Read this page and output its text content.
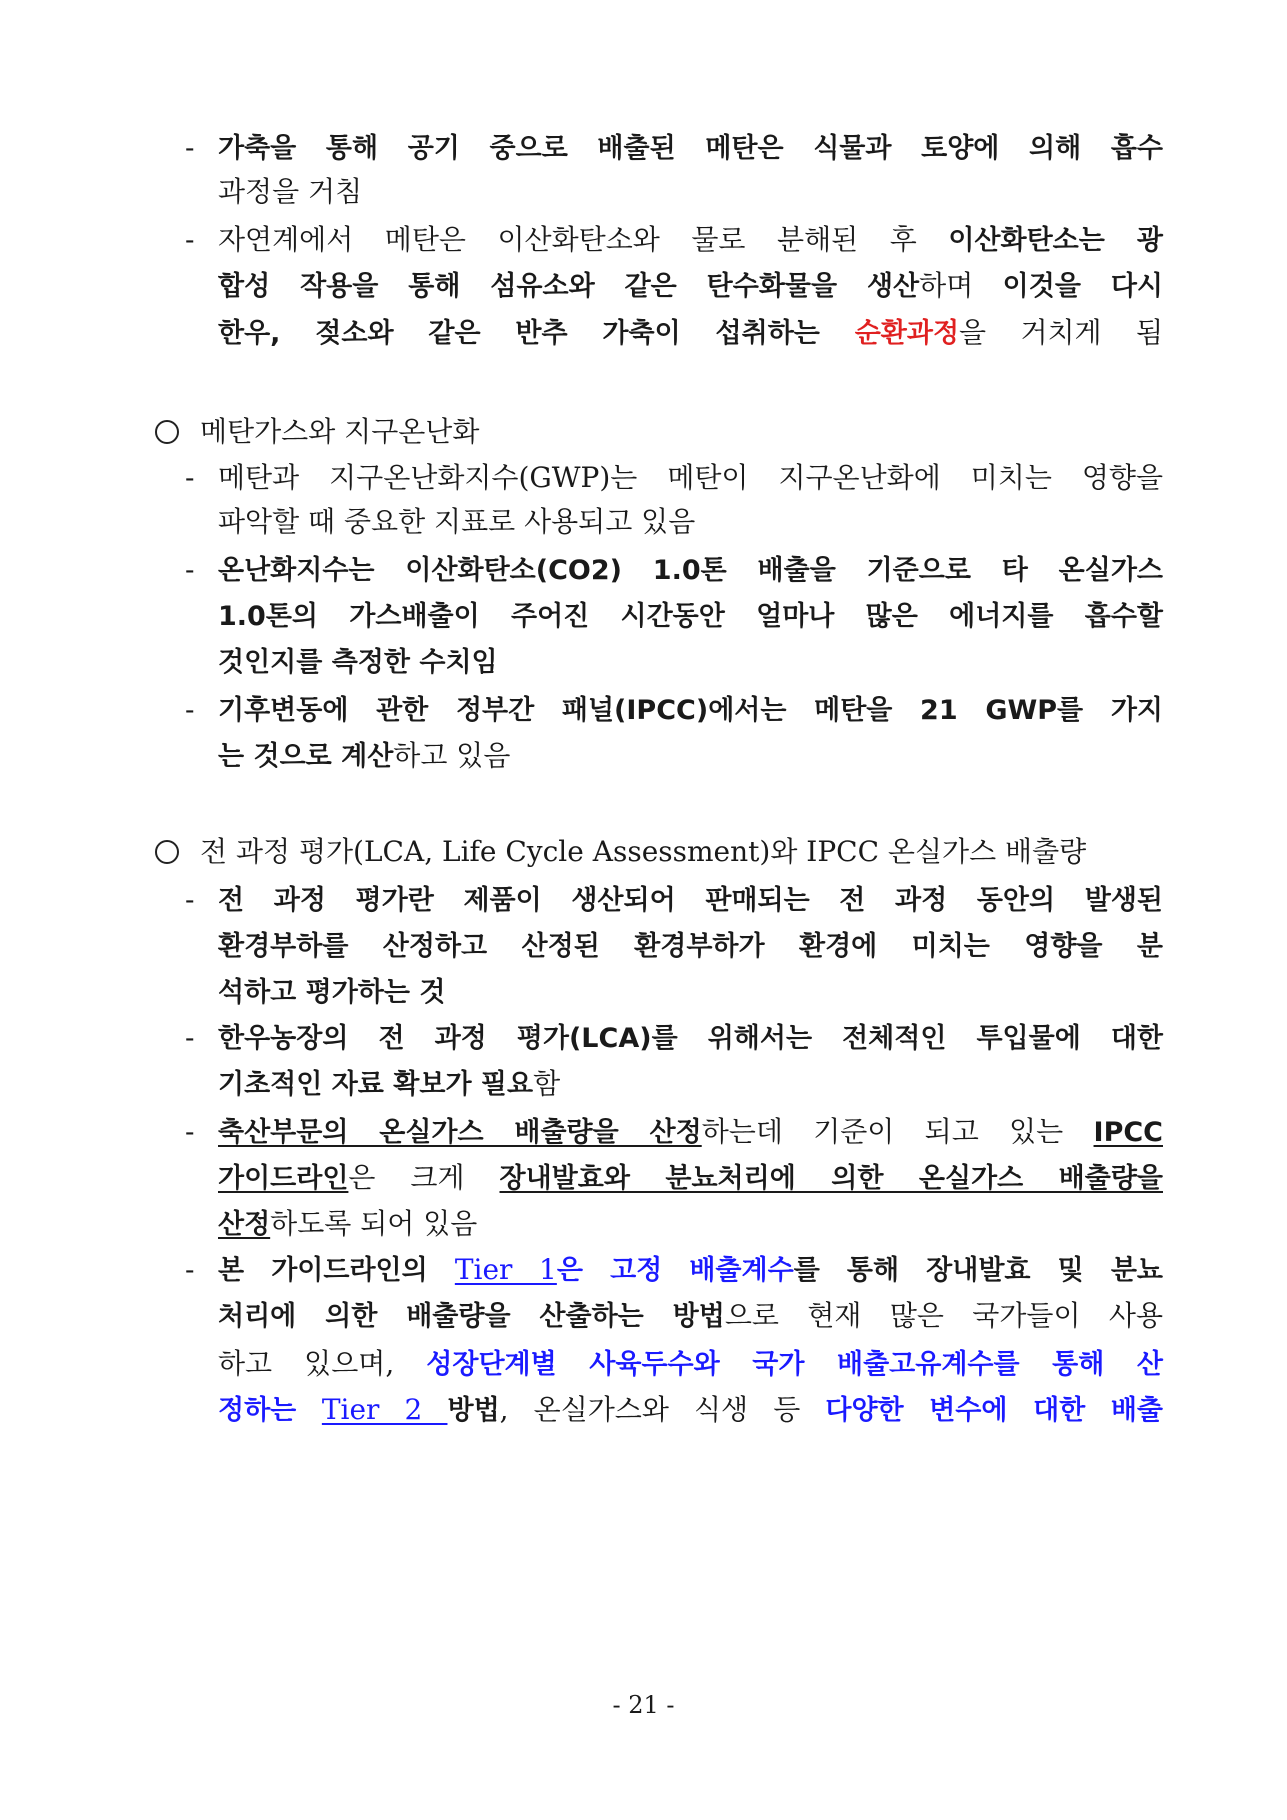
- 가축을 통해 공기 중으로 배출된 메탄은 식물과 토양에 의해 흡수
과정을 거침
- 자연계에서 메탄은 이산화탄소와 물로 분해된 후 이산화탄소는 광
합성 작용을 통해 섬유소와 같은 탄수화물을 생산하며 이것을 다시
한우, 젖소와 같은 반추 가축이 섭취하는 순환과정을 거치게 됨
메탄가스와 지구온난화
- 메탄과 지구온난화지수(GWP)는 메탄이 지구온난화에 미치는 영향을
파악할 때 중요한 지표로 사용되고 있음
- 온난화지수는 이산화탄소(CO2) 1.0톤 배출을 기준으로 타 온실가스
1.0톤의 가스배출이 주어진 시간동안 얼마나 많은 에너지를 흡수할
것인지를 측정한 수치임
- 기후변동에 관한 정부간 패널(IPCC)에서는 메탄을 21 GWP를 가지
는 것으로 계산하고 있음
전 과정 평가(LCA, Life Cycle Assessment)와 IPCC 온실가스 배출량
- 전 과정 평가란 제품이 생산되어 판매되는 전 과정 동안의 발생된
환경부하를 산정하고 산정된 환경부하가 환경에 미치는 영향을 분
석하고 평가하는 것
- 한우농장의 전 과정 평가(LCA)를 위해서는 전체적인 투입물에 대한
기초적인 자료 확보가 필요함
- 축산부문의 온실가스 배출량을 산정하는데 기준이 되고 있는 IPCC
가이드라인은 크게 장내발효와 분뇨처리에 의한 온실가스 배출량을
산정하도록 되어 있음
- 본 가이드라인의 Tier 1은 고정 배출계수를 통해 장내발효 및 분뇨
처리에 의한 배출량을 산출하는 방법으로 현재 많은 국가들이 사용
하고 있으며, 성장단계별 사육두수와 국가 배출고유계수를 통해 산
정하는 Tier 2 방법, 온실가스와 식생 등 다양한 변수에 대한 배출
- 21 -
